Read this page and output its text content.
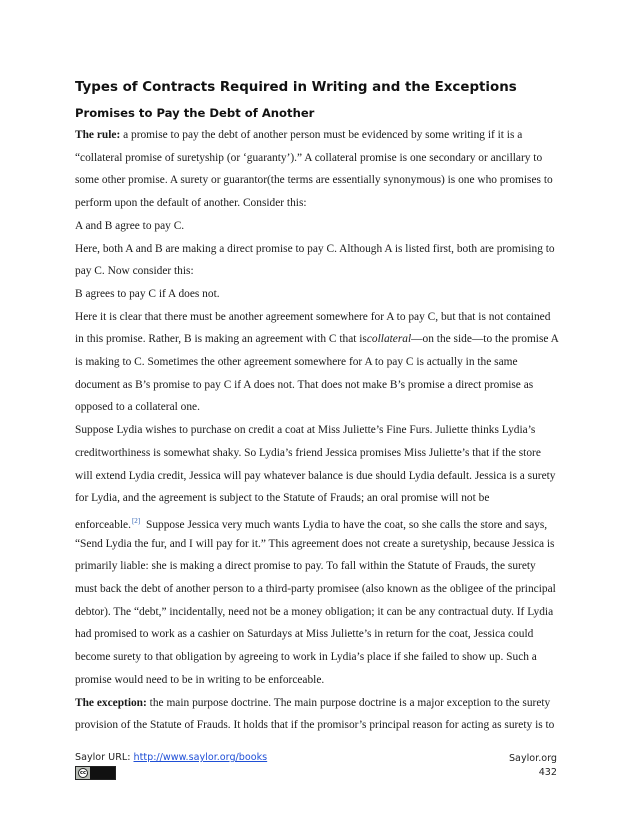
Types of Contracts Required in Writing and the Exceptions
Promises to Pay the Debt of Another
The rule: a promise to pay the debt of another person must be evidenced by some writing if it is a
“collateral promise of suretyship (or ‘guaranty’).” A collateral promise is one secondary or ancillary to
some other promise. A surety or guarantor(the terms are essentially synonymous) is one who promises to
perform upon the default of another. Consider this:
A and B agree to pay C.
Here, both A and B are making a direct promise to pay C. Although A is listed first, both are promising to
pay C. Now consider this:
B agrees to pay C if A does not.
Here it is clear that there must be another agreement somewhere for A to pay C, but that is not contained
in this promise. Rather, B is making an agreement with C that iscollateral—on the side—to the promise A
is making to C. Sometimes the other agreement somewhere for A to pay C is actually in the same
document as B’s promise to pay C if A does not. That does not make B’s promise a direct promise as
opposed to a collateral one.
Suppose Lydia wishes to purchase on credit a coat at Miss Juliette’s Fine Furs. Juliette thinks Lydia’s
creditworthiness is somewhat shaky. So Lydia’s friend Jessica promises Miss Juliette’s that if the store
will extend Lydia credit, Jessica will pay whatever balance is due should Lydia default. Jessica is a surety
for Lydia, and the agreement is subject to the Statute of Frauds; an oral promise will not be
enforceable.[2] Suppose Jessica very much wants Lydia to have the coat, so she calls the store and says,
“Send Lydia the fur, and I will pay for it.” This agreement does not create a suretyship, because Jessica is
primarily liable: she is making a direct promise to pay. To fall within the Statute of Frauds, the surety
must back the debt of another person to a third-party promisee (also known as the obligee of the principal
debtor). The “debt,” incidentally, need not be a money obligation; it can be any contractual duty. If Lydia
had promised to work as a cashier on Saturdays at Miss Juliette’s in return for the coat, Jessica could
become surety to that obligation by agreeing to work in Lydia’s place if she failed to show up. Such a
promise would need to be in writing to be enforceable.
The exception: the main purpose doctrine. The main purpose doctrine is a major exception to the surety
provision of the Statute of Frauds. It holds that if the promisor’s principal reason for acting as surety is to
Saylor URL: http://www.saylor.org/books
cc
Saylor.org
432
